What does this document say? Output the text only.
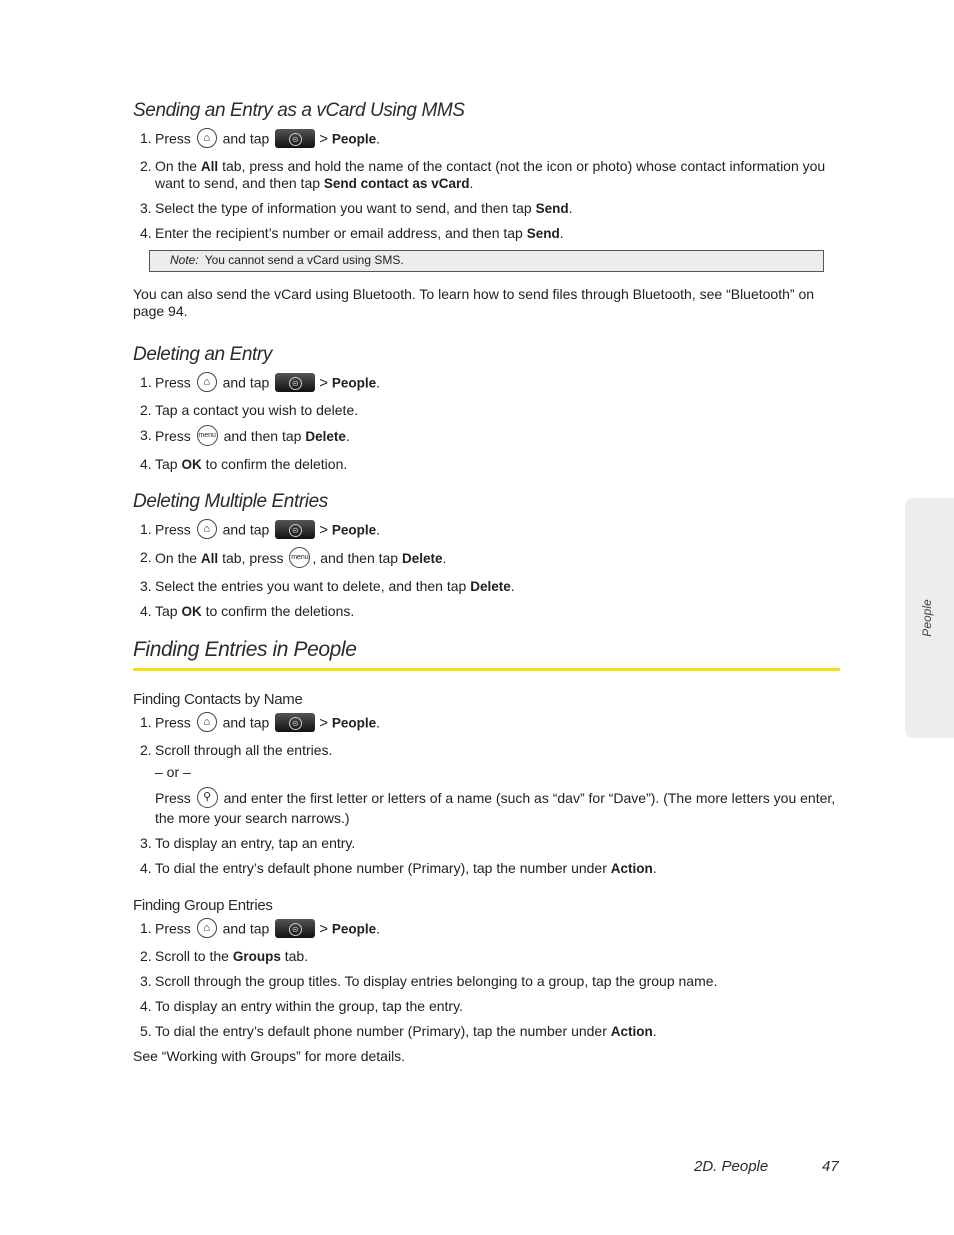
Sending an Entry as a vCard Using MMS
1. Press ⌂ and tap	⊝ > People.
2. On the All tab, press and hold the name of the contact (not the icon or photo) whose contact information you want to send, and then tap Send contact as vCard.
3. Select the type of information you want to send, and then tap Send.
4. Enter the recipient’s number or email address, and then tap Send.
Note: You cannot send a vCard using SMS.

You can also send the vCard using Bluetooth. To learn how to send files through Bluetooth, see “Bluetooth” on page 94.

Deleting an Entry
1. Press ⌂ and tap	⊝ > People.
2. Tap a contact you wish to delete.
3. Press menu and then tap Delete.
4. Tap OK to confirm the deletion.
Deleting Multiple Entries
1. Press ⌂ and tap	⊝ > People.
2. On the All tab, press menu , and then tap Delete.
3. Select the entries you want to delete, and then tap Delete.
4. Tap OK to confirm the deletions.
Finding Entries in People
Finding Contacts by Name
1. Press ⌂ and tap	⊝ > People.
2. Scroll through all the entries.
– or –
Press ⚲ and enter the first letter or letters of a name (such as “dav” for “Dave”). (The more letters you enter, the more your search narrows.)
3. To display an entry, tap an entry.
4. To dial the entry’s default phone number (Primary), tap the number under Action.
Finding Group Entries
1. Press ⌂ and tap	⊝ > People.
2. Scroll to the Groups tab.
3. Scroll through the group titles. To display entries belonging to a group, tap the group name.
4. To display an entry within the group, tap the entry.
5. To dial the entry’s default phone number (Primary), tap the number under Action.

See “Working with Groups” for more details.

People
2D. People	47
